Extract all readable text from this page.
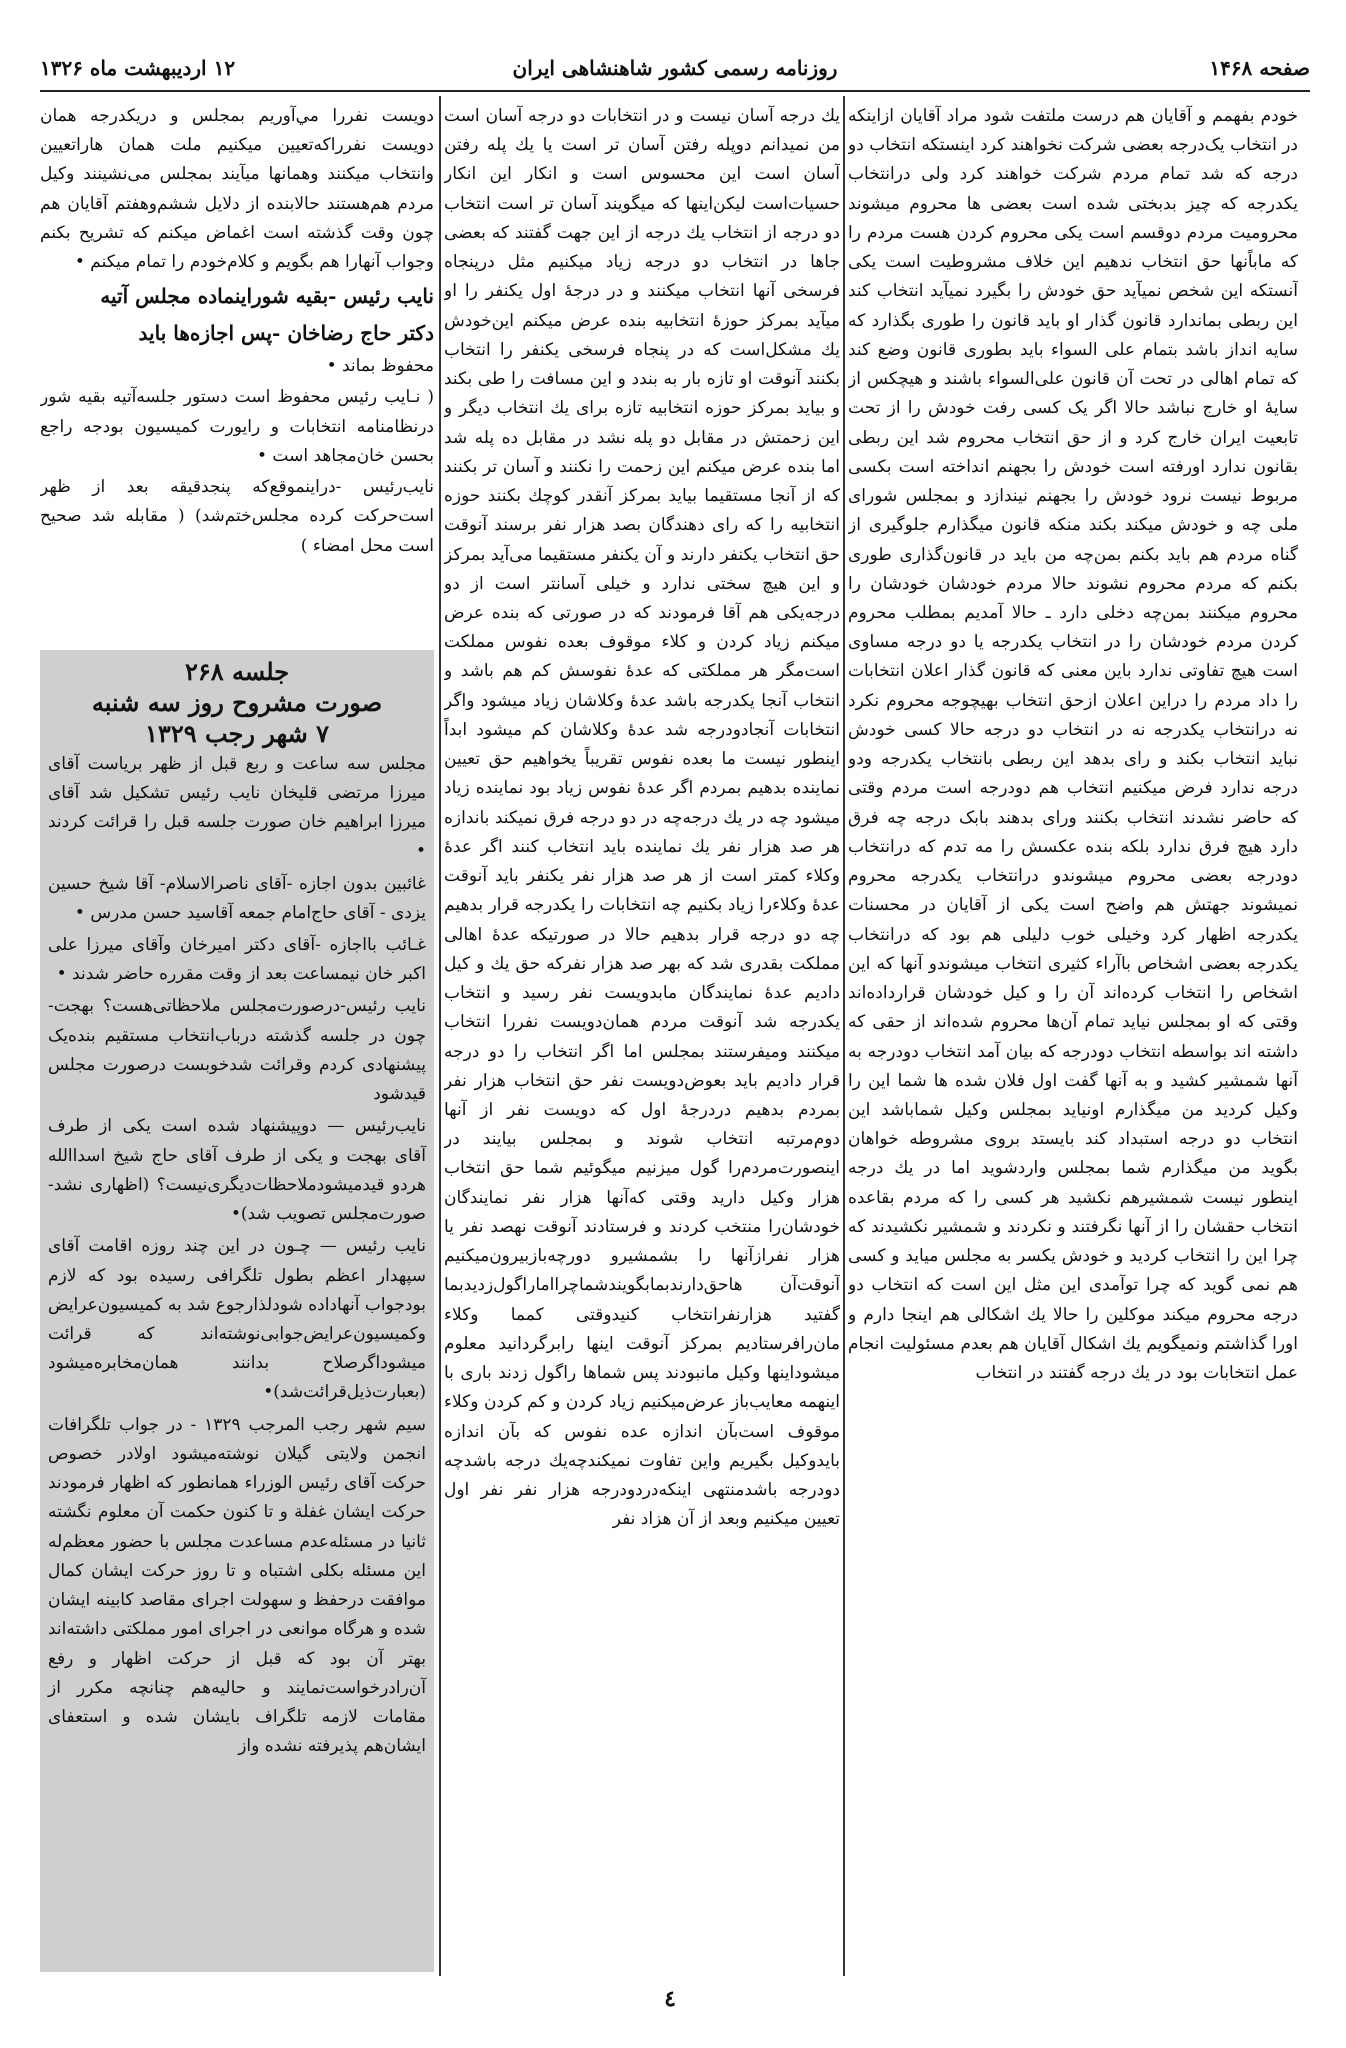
صفحه ۱۴۶۸
روزنامه رسمی کشور شاهنشاهی ایران
۱۲ اردیبهشت ماه ۱۳۲۶

خودم بفهمم و آقایان هم درست ملتفت شود مراد آقایان ازاینکه در انتخاب یک‌درجه بعضی شرکت نخواهند کرد اینستکه انتخاب دو درجه که شد تمام مردم شرکت خواهند کرد ولی درانتخاب یکدرجه که چیز بدبختی شده است بعضی ها محروم میشوند محرومیت مردم دوقسم است یکی محروم کردن هست مردم را که ماباًنها حق انتخاب ندهیم این خلاف مشروطیت است یکی آنستکه این شخص نمیآید حق خودش را بگیرد نمیآید انتخاب کند این ربطی بماندارد قانون گذار او باید قانون را طوری بگذارد که سایه انداز باشد بتمام علی السواء باید بطوری قانون وضع کند که تمام اهالی در تحت آن قانون علی‌السواء باشند و هیچکس از سایهٔ او خارج نباشد حالا اگر یک کسی رفت خودش را از تحت تابعیت ایران خارج کرد و از حق انتخاب محروم شد این ربطی بقانون ندارد اورفته است خودش را بجهنم انداخته است بکسی مربوط نیست نرود خودش را بجهنم نیندازد و بمجلس شورای ملی چه و خودش میکند بکند منکه قانون میگذارم جلوگیری از گناه مردم هم باید بکنم بمن‌چه من باید در قانون‌گذاری طوری بکنم که مردم محروم نشوند حالا مردم خودشان خودشان را محروم میکنند بمن‌چه دخلی دارد ـ حالا آمدیم بمطلب محروم کردن مردم خودشان را در انتخاب یکدرجه یا دو درجه مساوی است هیچ تفاوتی ندارد باین معنی که قانون گذار اعلان انتخابات را داد مردم را دراین اعلان ازحق انتخاب بهیچوجه محروم نکرد نه درانتخاب یکدرجه نه در انتخاب دو درجه حالا کسی خودش نباید انتخاب بکند و رای بدهد این ربطی بانتخاب یکدرجه ودو درجه ندارد فرض میکنیم انتخاب هم دودرجه است مردم وقتی که حاضر نشدند انتخاب بکنند ورای بدهند بابک درجه چه فرق دارد هیچ فرق ندارد بلکه بنده عکسش را مه تدم که درانتخاب دودرجه بعضی محروم میشوندو درانتخاب یکدرجه محروم نمیشوند جهتش هم واضح است یکی از آقایان در محسنات یکدرجه اظهار کرد وخیلی خوب دلیلی هم بود که درانتخاب یکدرجه بعضی اشخاص باآراء کثیری انتخاب میشوندو آنها که این اشخاص را انتخاب کرده‌اند آن را و کیل خودشان قرارداده‌اند وقتی که او بمجلس نیاید تمام آن‌ها محروم شده‌اند از حقی که داشته اند بواسطه انتخاب دودرجه که بیان آمد انتخاب دودرجه به آنها شمشیر کشید و به آنها گفت اول فلان شده ها شما این را وکیل کردید من میگذارم اونیاید بمجلس وکیل شماباشد این انتخاب دو درجه استبداد کند بایستد بروی مشروطه خواهان بگوید من میگذارم شما بمجلس واردشوید اما در یك درجه اینطور نیست شمشیرهم نکشید هر کسی را که مردم بقاعده انتخاب حقشان را از آنها نگرفتند و نکردند و شمشیر نکشیدند که چرا این را انتخاب کردید و خودش یکسر به مجلس میاید و کسی هم نمی گوید که چرا توآمدی این مثل این است که انتخاب دو درجه محروم میکند موکلین را حالا یك اشکالی هم اینجا دارم و اورا گذاشتم ونمیگویم یك اشکال آقایان هم بعدم مسئولیت انجام عمل انتخابات بود در یك درجه گفتند در انتخاب

يك درجه آسان نيست و در انتخابات دو درجه آسان است من نميدانم دوپله رفتن آسان تر است يا يك پله رفتن آسان است اين محسوس است و انکار اين انکار حسيات‌است ليکن‌اينها که ميگويند آسان تر است انتخاب دو درجه از انتخاب يك درجه از اين جهت گفتند که بعضی جاها در انتخاب دو درجه زياد ميکنيم مثل درپنجاه فرسخی آنها انتخاب ميکنند و در درجهٔ اول يکنفر را او ميآيد بمرکز حوزهٔ انتخابيه بنده عرض ميکنم اين‌خودش يك مشکل‌است که در پنجاه فرسخی يکنفر را انتخاب بکنند آنوقت او تازه بار به بندد و اين مسافت را طی بکند و بيايد بمرکز حوزه انتخابيه تازه برای يك انتخاب ديگر و اين زحمتش در مقابل دو پله نشد در مقابل ده پله شد اما بنده عرض ميکنم اين زحمت را نکنند و آسان تر بکنند که از آنجا مستقيما بيايد بمرکز آنقدر کوچك بکنند حوزه انتخابيه را که رای دهندگان بصد هزار نفر برسند آنوقت حق انتخاب يکنفر دارند و آن يکنفر مستقيما می‌آيد بمرکز و اين هيچ سختی ندارد و خيلی آسانتر است از دو درجه‌يکی هم آقا فرمودند که در صورتی که بنده عرض میکنم زیاد کردن و کلاء موقوف بعده نفوس مملکت است‌مگر هر مملکتی که عدهٔ نفوسش کم هم باشد و انتخاب آنجا يکدرجه باشد عدهٔ وکلاشان زیاد میشود واگر انتخابات آنجادودرجه شد عدهٔ وکلاشان کم میشود ابداً اینطور نیست ما بعده نفوس تقریباً یخواهیم حق تعیین نماینده بدهیم بمردم اگر عدهٔ نفوس زیاد بود نماینده زیاد میشود چه در يك درجه‌چه در دو درجه فرق نمیکند باندازه هر صد هزار نفر يك نماينده بايد انتخاب كنند اگر عدهٔ وکلاء کمتر است از هر صد هزار نفر يکنفر بايد آنوقت عدهٔ وکلاءرا زياد بكنيم چه انتخابات را يكدرجه قرار بدهيم چه دو درجه قرار بدهيم حالا در صورتيكه عدهٔ اهالی مملكت بقدری شد كه بهر صد هزار نفرکه حق يك و كيل داديم عدهٔ نمايندگان مابدويست نفر رسيد و انتخاب يكدرجه شد آنوقت مردم همان‌دويست نفررا انتخاب ميكنند وميفرستند بمجلس اما اگر انتخاب را دو درجه قرار داديم بايد بعوض‌دويست نفر حق انتخاب هزار نفر بمردم بدهيم دردرجهٔ اول كه دويست نفر از آنها دوم‌مرتبه انتخاب شوند و بمجلس بيايند در اينصورت‌مردم‌را گول میزنيم ميگوئيم شما حق انتخاب هزار وكيل داريد وقتی كه‌آنها هزار نفر نمايندگان خودشان‌را منتخب كردند و فرستادند آنوقت نهصد نفر يا هزار نفرازآنها را بشمشیرو دورچه‌بازبیرون‌میکنیم آنوقت‌آن هاحق‌دارند‌بما‌بگويند‌شماچرااماراگول‌زدید‌بما گفتيد هزارنفرانتخاب کنيدوقتی کمما وکلاء مان‌رافرستاديم بمرکز آنوقت اينها رابرگردانيد معلوم ميشوداينها وكيل مانبودند پس شماها راگول زدند باری با اينهمه معايب‌باز عرض‌ميكنيم زياد كردن و كم كردن وكلاء موقوف است‌بآن اندازه عده نفوس كه بآن اندازه بايدوكيل بگيريم واين تفاوت نميكندچه‌يك درجه باشدچه دودرجه باشدمنتهی اينكه‌دردودرجه هزار نفر نفر اول تعيين ميكنيم وبعد از آن هزاد نفر

دويست نفررا مي‌آوريم بمجلس و دريكدرجه همان دويست نفرراكه‌تعيين ميكنيم ملت همان هاراتعيين وانتخاب ميكنند وهمانها ميآيند بمجلس می‌نشينند وكيل مردم هم‌هستند حالابنده از دلايل ششم‌وهفتم آقايان هم چون وقت گذشته است اغماض میکنم که تشريح بكنم وجواب آنهارا هم بگويم و كلام‌خودم را تمام ميكنم •

نایب رئیس -بقيه شوراينماده مجلس آتيه

دکتر حاج رضاخان -پس اجازه‌ها بايد

محفوظ بماند •

( نـايب رئیس محفوظ است دستور جلسه‌آتیه بقیه شور درنظامنامه انتخابات و رايورت كميسيون بودجه راجع بحسن خان‌مجاهد است •

نایب‌رئیس -دراینموقع‌که پنجدقيقه بعد از ظهر است‌حرکت کرده مجلس‌ختم‌شد) ( مقابله شد صحیح است محل امضاء )

جلسه ۲۶۸
صورت مشروح روز سه شنبه
۷ شهر رجب ۱۳۲۹

مجلس سه ساعت و ربع قبل از ظهر بریاست آقای میرزا مرتضی قلیخان نایب رئیس تشکیل شد آقای میرزا ابراهیم خان صورت جلسه قبل را قرائت کردند •

غائبین بدون اجازه -آقای ناصرالاسلام- آقا شیخ حسین یزدی - آقای حاج‌امام جمعه‌ آقاسید حسن مدرس •

غـائب بااجازه -آقای دکتر امیرخان وآقای میرزا علی اکبر خان نیمساعت بعد از وقت مقرره حاضر شدند •

نایب رئیس-درصورت‌مجلس ملاحظاتی‌هست؟ بهجت- چون در جلسه گذشته درباب‌انتخاب مستقیم بنده‌یک پیشنهادی کردم وقرائت شدخوبست درصورت مجلس قیدشود

نایب‌رئیس — دوپیشنهاد شده است یکی از طرف آقای بهجت و یکی از طرف آقای حاج شیخ اسداالله هردو قیدمیشود‌ملاحظات‌دیگری‌نیست؟ (اظهاری نشد-صورت‌مجلس تصویب شد)•

نایب رئیس — چـون در این چند روزه اقامت آقای سپهدار اعظم بطول تلگرافی رسیده بود که لازم بودجواب آنهاداده شودلذارجوع شد به کمیسیون‌عرایض وکمیسیون‌عرایض‌جوابی‌نوشته‌اند که قرائت میشوداگرصلاح بدانند همان‌مخابره‌میشود (بعبارت‌ذیل‌قرائت‌شد)•

سیم شهر رجب المرجب ۱۳۲۹ - در جواب تلگرافات انجمن ولایتی گیلان نوشته‌میشود اولادر خصوص حرکت آقای رئیس الوزراء همانطور که اظهار فرمودند حرکت ایشان غفلة و تا کنون حکمت آن معلوم نگشته ثانیا در مسئله‌عدم مساعدت مجلس با حضور معظم‌له این مسئله بکلی اشتباه و تا روز حرکت ایشان کمال موافقت درحفظ و سهولت اجرای مقاصد کابینه ایشان شده و هرگاه موانعی در اجرای امور مملکتی داشته‌اند بهتر آن بود که قبل از حرکت اظهار و رفع آن‌رادرخواست‌نمایند و حالیه‌هم چنانچه مکرر از مقامات لازمه تلگراف بایشان شده و استعفای ایشان‌هم پذیرفته نشده واز

٤
